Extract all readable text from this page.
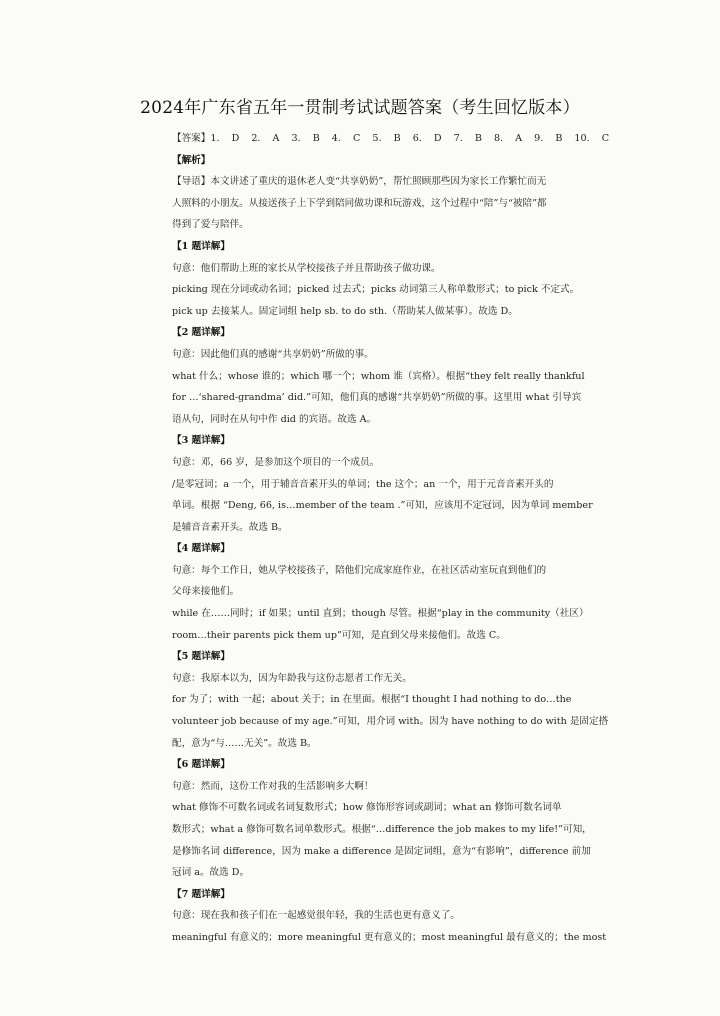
2024年广东省五年一贯制考试试题答案（考生回忆版本）
【答案】1. D 2. A 3. B 4. C 5. B 6. D 7. B 8. A 9. B 10. C
【解析】
【导语】本文讲述了重庆的退休老人变“共享奶奶”，帮忙照顾那些因为家长工作繁忙而无
人照料的小朋友。从接送孩子上下学到陪同做功课和玩游戏，这个过程中“陪”与“被陪”都
得到了爱与陪伴。
【1 题详解】
句意：他们帮助上班的家长从学校接孩子并且帮助孩子做功课。
picking 现在分词或动名词；picked 过去式；picks 动词第三人称单数形式；to pick 不定式。
pick up 去接某人。固定词组 help sb. to do sth.（帮助某人做某事）。故选 D。
【2 题详解】
句意：因此他们真的感谢“共享奶奶”所做的事。
what 什么；whose 谁的；which 哪一个；whom 谁（宾格）。根据“they felt really thankful
for …‘shared-grandma’ did.”可知，他们真的感谢“共享奶奶”所做的事。这里用 what 引导宾
语从句，同时在从句中作 did 的宾语。故选 A。
【3 题详解】
句意：邓，66 岁，是参加这个项目的一个成员。
/是零冠词；a 一个，用于辅音音素开头的单词；the 这个；an 一个，用于元音音素开头的
单词。根据 “Deng, 66, is…member of the team .”可知，应该用不定冠词，因为单词 member
是辅音音素开头。故选 B。
【4 题详解】
句意：每个工作日，她从学校接孩子，陪他们完成家庭作业，在社区活动室玩直到他们的
父母来接他们。
while 在……同时；if 如果；until 直到；though 尽管。根据“play in the community（社区）
room…their parents pick them up”可知，是直到父母来接他们。故选 C。
【5 题详解】
句意：我原本以为，因为年龄我与这份志愿者工作无关。
for 为了；with 一起；about 关于；in 在里面。根据“I thought I had nothing to do…the
volunteer job because of my age.”可知，用介词 with。因为 have nothing to do with 是固定搭
配，意为“与……无关”。故选 B。
【6 题详解】
句意：然而，这份工作对我的生活影响多大啊！
what 修饰不可数名词或名词复数形式；how 修饰形容词或副词；what an 修饰可数名词单
数形式；what a 修饰可数名词单数形式。根据“…difference the job makes to my life!”可知，
是修饰名词 difference，因为 make a difference 是固定词组，意为“有影响”，difference 前加
冠词 a。故选 D。
【7 题详解】
句意：现在我和孩子们在一起感觉很年轻，我的生活也更有意义了。
meaningful 有意义的；more meaningful 更有意义的；most meaningful 最有意义的；the most
